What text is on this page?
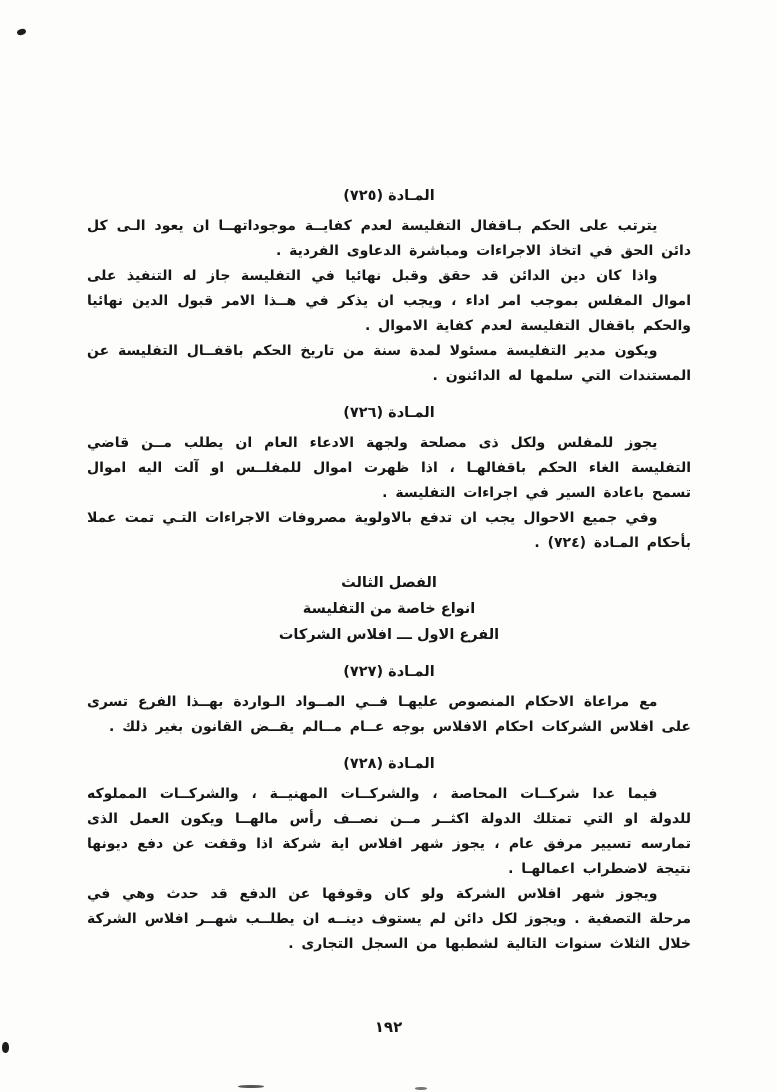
المـادة (٧٢٥)

يترتب على الحكم بـاقفال التفليسة لعدم كفايــة موجوداتهــا ان يعود الـى كل دائن الحق في اتخاذ الاجراءات ومباشرة الدعاوى الفردية .

واذا كان دين الدائن قد حقق وقبل نهائيا في التفليسة جاز له التنفيذ على اموال المفلس بموجب امر اداء ، ويجب ان يذكر في هــذا الامر قبول الدين نهائيا والحكم باقفال التفليسة لعدم كفاية الاموال .

ويكون مدير التفليسة مسئولا لمدة سنة من تاريخ الحكم باقفــال التفليسة عن المستندات التي سلمها له الدائنون .

المـادة (٧٢٦)

يجوز للمفلس ولكل ذى مصلحة ولجهة الادعاء العام ان يطلب مــن قاضي التفليسة الغاء الحكم باقفالهـا ، اذا ظهرت اموال للمفلــس او آلت اليه اموال تسمح باعادة السير في اجراءات التفليسة .

وفي جميع الاحوال يجب ان تدفع بالاولوية مصروفات الاجراءات التـي تمت عملا بأحكام المـادة (٧٢٤) .

الفصل الثالث

انواع خاصة من التفليسة

الفرع الاول ـــ افلاس الشركات

المـادة (٧٢٧)

مع مراعاة الاحكام المنصوص عليهـا فــي المــواد الـواردة بهــذا الفرع تسرى على افلاس الشركات احكام الافلاس بوجه عــام مــالم يقــض القانون بغير ذلك .

المـادة (٧٢٨)

فيما عدا شركــات المحاصة ، والشركــات المهنيــة ، والشركــات المملوكه للدولة او التي تمتلك الدولة اكثــر مــن نصــف رأس مالهــا ويكون العمل الذى تمارسه تسيير مرفق عام ، يجوز شهر افلاس اية شركة اذا وقفت عن دفع ديونها نتيجة لاضطراب اعمالهـا .

ويجوز شهر افلاس الشركة ولو كان وقوفها عن الدفع قد حدث وهي في مرحلة التصفية . ويجوز لكل دائن لم يستوف دينــه ان يطلــب شهــر افلاس الشركة خلال الثلاث سنوات التالية لشطبها من السجل التجارى .

١٩٢
